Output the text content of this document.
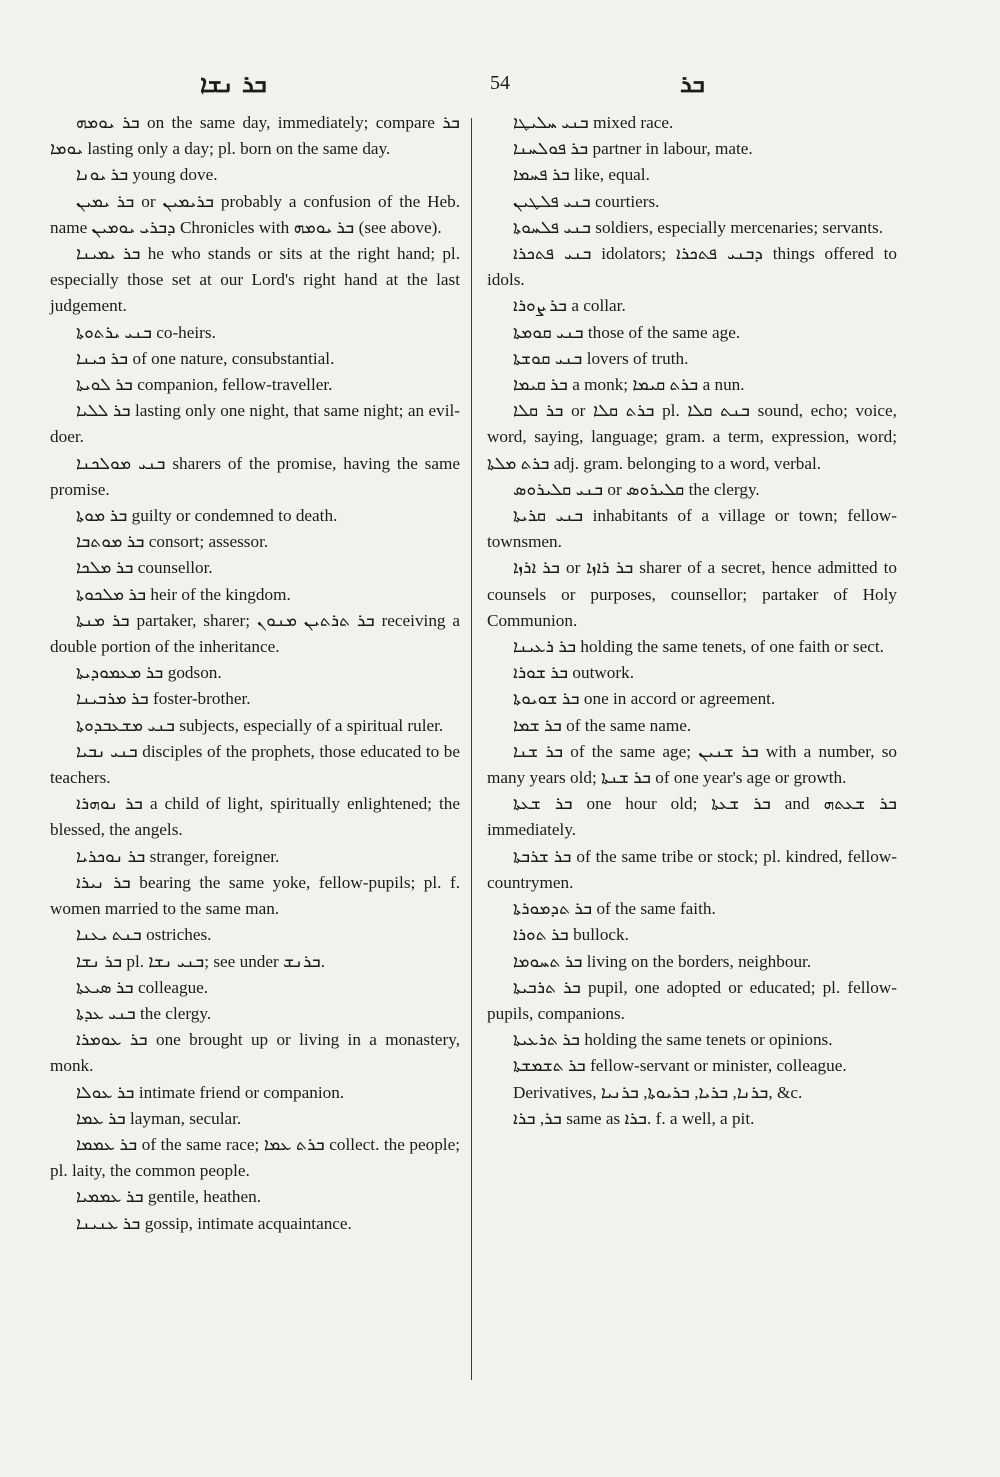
ܒܪ ܢܫܐ	54	ܒܪ

ܒܪ ܝܘܡܗ on the same day, immediately; compare ܒܪ ܝܘܡܐ lasting only a day; pl. born on the same day.

ܒܪ ܝܘܢܐ young dove.

ܒܪ ܝܡܝܢ or ܒܪܝܡܝܢ probably a confusion of the Heb. name ܕܒܪܝ ܝܘܡܝܢ Chronicles with ܒܪ ܝܘܡܗ (see above).

ܒܪ ܝܡܝܢܐ he who stands or sits at the right hand; pl. especially those set at our Lord's right hand at the last judgement.

ܒܢܝ ܝܪܬܘܬܐ co-heirs.

ܒܪ ܟܝܢܐ of one nature, consubstantial.

ܒܪ ܠܘܝܬܐ companion, fellow-traveller.

ܒܪ ܠܠܝܐ lasting only one night, that same night; an evil-doer.

ܒܢܝ ܡܘܠܟܢܐ sharers of the promise, having the same promise.

ܒܪ ܡܘܬܐ guilty or condemned to death.

ܒܪ ܡܘܬܒܐ consort; assessor.

ܒܪ ܡܠܟܐ counsellor.

ܒܪ ܡܠܟܘܬܐ heir of the kingdom.

ܒܪ ܡܢܬܐ partaker, sharer; ܒܪ ܬܪܬܝܢ ܡܢܘܢ receiving a double portion of the inheritance.

ܒܪ ܡܥܡܘܕܝܬܐ godson.

ܒܪ ܡܪܒܝܢܐ foster-brother.

ܒܢܝ ܡܫܥܒܕܘܬܐ subjects, especially of a spiritual ruler.

ܒܢܝ ܢܒܝܐ disciples of the prophets, those educated to be teachers.

ܒܪ ܢܘܗܪܐ a child of light, spiritually enlightened; the blessed, the angels.

ܒܪ ܢܘܟܪܝܐ stranger, foreigner.

ܒܪ ܢܝܪܐ bearing the same yoke, fellow-pupils; pl. f. women married to the same man.

ܒܢܬ ܝܥܢܐ ostriches.

ܒܪ ܢܫܐ pl. ܒܢܝ ܢܫܐ; see under ܒܪܢܫ.

ܒܪ ܣܝܥܬܐ colleague.

ܒܢܝ ܥܕܬܐ the clergy.

ܒܪ ܥܘܡܪܐ one brought up or living in a monastery, monk.

ܒܪ ܥܘܠܐ intimate friend or companion.

ܒܪ ܥܡܐ layman, secular.

ܒܪ ܥܡܡܐ of the same race; ܒܪܬ ܥܡܐ collect. the people; pl. laity, the common people.

ܒܪ ܥܡܡܝܐ gentile, heathen.

ܒܪ ܥܢܝܢܐ gossip, intimate acquaintance.

ܒܢܝ ܚܠܝܛܐ mixed race.

ܒܪ ܦܘܠܚܢܐ partner in labour, mate.

ܒܪ ܦܚܡܐ like, equal.

ܒܢܝ ܦܠܛܝܢ courtiers.

ܒܢܝ ܦܠܚܘܬܐ soldiers, especially mercenaries; servants.

ܒܢܝ ܦܬܟܪܐ idolators; ܕܒܢܝ ܦܬܟܪܐ things offered to idols.

ܒܪ ܨܘܪܐ a collar.

ܒܢܝ ܩܘܡܬܐ those of the same age.

ܒܢܝ ܩܘܫܬܐ lovers of truth.

ܒܪ ܩܝܡܐ a monk; ܒܪܬ ܩܝܡܐ a nun.

ܒܪ ܩܠܐ or ܒܪܬ ܩܠܐ pl. ܒܢܬ ܩܠܐ sound, echo; voice, word, saying, language; gram. a term, expression, word; ܒܪܬ ܡܠܬܐ adj. gram. belonging to a word, verbal.

ܒܢܝ ܩܠܝܪܘܣ or ܩܠܝܪܘܣ the clergy.

ܒܢܝ ܩܪܝܬܐ inhabitants of a village or town; fellow-townsmen.

ܒܪ ܐܪܙܐ or ܒܪ ܪܐܙܐ sharer of a secret, hence admitted to counsels or purposes, counsellor; partaker of Holy Communion.

ܒܪ ܪܥܝܢܐ holding the same tenets, of one faith or sect.

ܒܪ ܫܘܪܐ outwork.

ܒܪ ܫܘܝܘܬܐ one in accord or agreement.

ܒܪ ܫܡܐ of the same name.

ܒܪ ܫܢܐ of the same age; ܒܪ ܫܢܝܢ with a number, so many years old; ܒܪ ܫܢܬܐ of one year's age or growth.

ܒܪ ܫܥܬܐ one hour old; ܒܪ ܫܥܬܐ and ܒܪ ܫܥܬܗ immediately.

ܒܪ ܫܪܒܬܐ of the same tribe or stock; pl. kindred, fellow-countrymen.

ܒܪ ܬܕܡܘܪܬܐ of the same faith.

ܒܪ ܬܘܪܐ bullock.

ܒܪ ܬܚܘܡܐ living on the borders, neighbour.

ܒܪ ܬܪܒܝܬܐ pupil, one adopted or educated; pl. fellow-pupils, companions.

ܒܪ ܬܪܥܝܬܐ holding the same tenets or opinions.

ܒܪ ܬܫܡܫܬܐ fellow-servant or minister, colleague.

Derivatives, ܒܪܢܐ, ܒܪܝܐ, ܒܪܝܘܬܐ, ܒܪܢܝܐ, &c.

ܒܪ, ܒܪܐ same as ܒܪܐ. f. a well, a pit.
